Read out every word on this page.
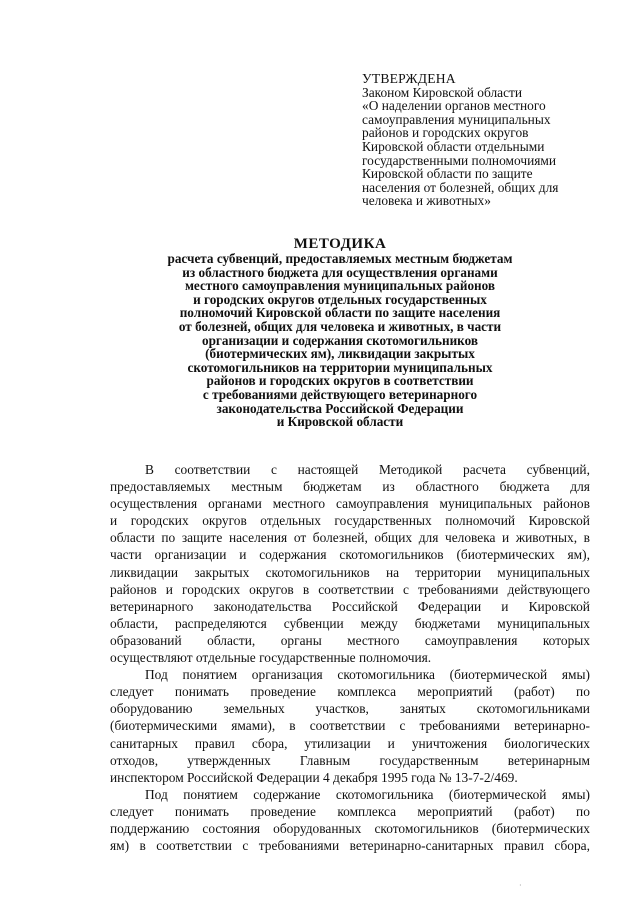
УТВЕРЖДЕНА
Законом Кировской области
«О наделении органов местного
самоуправления муниципальных
районов и городских округов
Кировской области отдельными
государственными полномочиями
Кировской области по защите
населения от болезней, общих для
человека и животных»
МЕТОДИКА
расчета субвенций, предоставляемых местным бюджетам
из областного бюджета для осуществления органами
местного самоуправления муниципальных районов
и городских округов отдельных государственных
полномочий Кировской области по защите населения
от болезней, общих для человека и животных, в части
организации и содержания скотомогильников
(биотермических ям), ликвидации закрытых
скотомогильников на территории муниципальных
районов и городских округов в соответствии
с требованиями действующего ветеринарного
законодательства Российской Федерации
и Кировской области
В соответствии с настоящей Методикой расчета субвенций,
предоставляемых местным бюджетам из областного бюджета для
осуществления органами местного самоуправления муниципальных районов
и городских округов отдельных государственных полномочий Кировской
области по защите населения от болезней, общих для человека и животных, в
части организации и содержания скотомогильников (биотермических ям),
ликвидации закрытых скотомогильников на территории муниципальных
районов и городских округов в соответствии с требованиями действующего
ветеринарного законодательства Российской Федерации и Кировской
области, распределяются субвенции между бюджетами муниципальных
образований области, органы местного самоуправления которых
осуществляют отдельные государственные полномочия.
Под понятием организация скотомогильника (биотермической ямы)
следует понимать проведение комплекса мероприятий (работ) по
оборудованию земельных участков, занятых скотомогильниками
(биотермическими ямами), в соответствии с требованиями ветеринарно-
санитарных правил сбора, утилизации и уничтожения биологических
отходов, утвержденных Главным государственным ветеринарным
инспектором Российской Федерации 4 декабря 1995 года № 13-7-2/469.
Под понятием содержание скотомогильника (биотермической ямы)
следует понимать проведение комплекса мероприятий (работ) по
поддержанию состояния оборудованных скотомогильников (биотермических
ям) в соответствии с требованиями ветеринарно-санитарных правил сбора,
·
